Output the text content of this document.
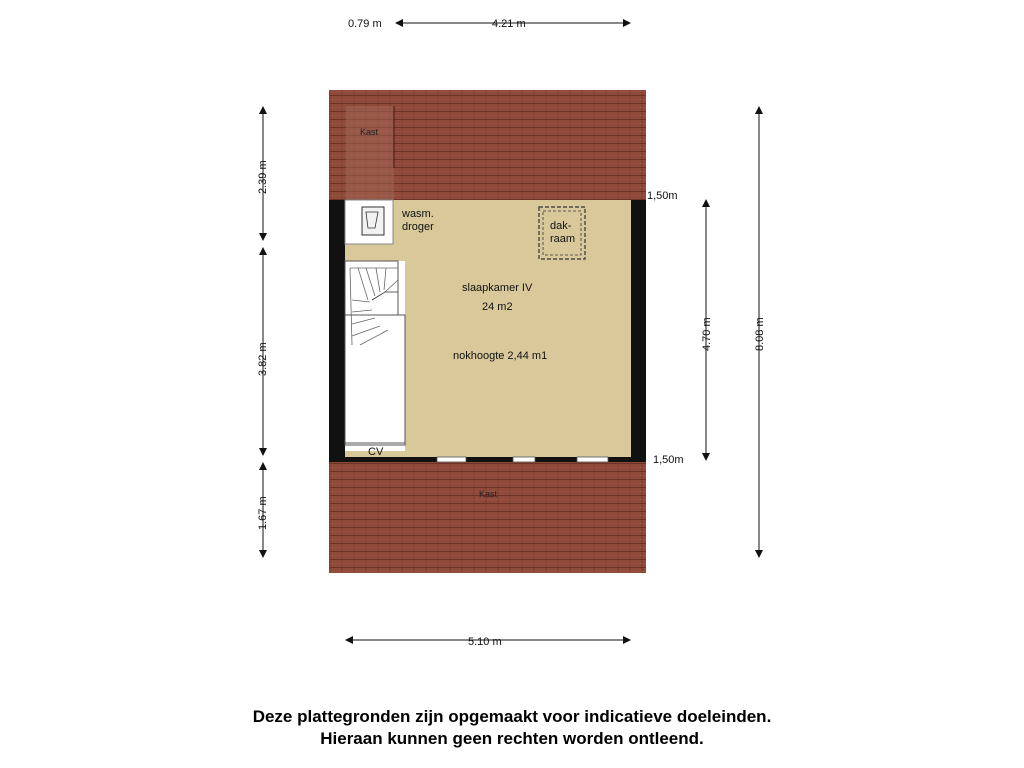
Kast
Kast
wasm.
droger
CV
dak-
raam
slaapkamer IV
24 m2
nokhoogte 2,44 m1
0.79 m	4.21 m
5.10 m
1,50m
1,50m
2.39 m
3.82 m
1.67 m
4.70 m	8.08 m
Deze plattegronden zijn opgemaakt voor indicatieve doeleinden.
Hieraan kunnen geen rechten worden ontleend.
